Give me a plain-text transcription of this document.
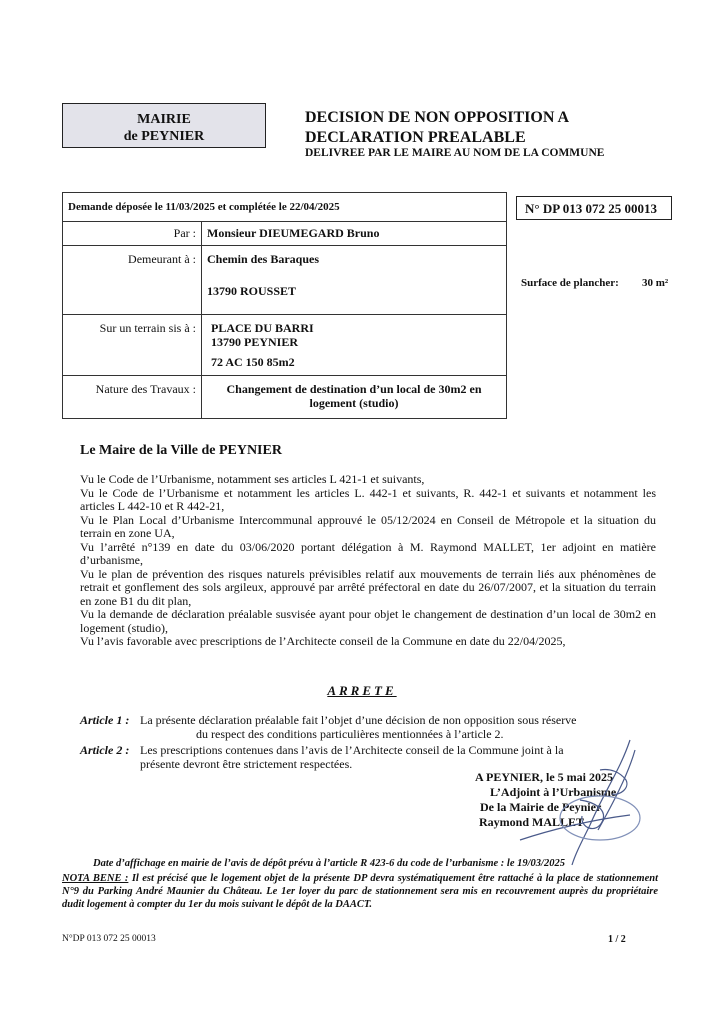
MAIRIE
de PEYNIER
DECISION DE NON OPPOSITION A
DECLARATION PREALABLE
DELIVREE PAR LE MAIRE AU NOM DE LA COMMUNE
Demande déposée le 11/03/2025 et complétée le 22/04/2025	
Par :	Monsieur DIEUMEGARD Bruno
Demeurant à :	Chemin des Baraques
13790 ROUSSET

Sur un terrain sis à :	PLACE DU BARRI
13790 PEYNIER
72 AC 150 85m2

Nature des Travaux :	Changement de destination d’un local de 30m2 en logement (studio)
N° DP 013 072 25 00013
Surface de plancher: 30 m²
Le Maire de la Ville de PEYNIER

Vu le Code de l’Urbanisme, notamment ses articles L 421-1 et suivants,

Vu le Code de l’Urbanisme et notamment les articles L. 442-1 et suivants, R. 442-1 et suivants et notamment les articles L 442-10 et R 442-21,

Vu le Plan Local d’Urbanisme Intercommunal approuvé le 05/12/2024 en Conseil de Métropole et la situation du terrain en zone UA,

Vu l’arrêté n°139 en date du 03/06/2020 portant délégation à M. Raymond MALLET, 1er adjoint en matière d’urbanisme,

Vu le plan de prévention des risques naturels prévisibles relatif aux mouvements de terrain liés aux phénomènes de retrait et gonflement des sols argileux, approuvé par arrêté préfectoral en date du 26/07/2007, et la situation du terrain en zone B1 du dit plan,

Vu la demande de déclaration préalable susvisée ayant pour objet le changement de destination d’un local de 30m2 en logement (studio),

Vu l’avis favorable avec prescriptions de l’Architecte conseil de la Commune en date du 22/04/2025,

ARRETE
Article 1 : La présente déclaration préalable fait l’objet d’une décision de non opposition sous réserve
du respect des conditions particulières mentionnées à l’article 2.
Article 2 : Les prescriptions contenues dans l’avis de l’Architecte conseil de la Commune joint à la
présente devront être strictement respectées.
A PEYNIER, le 5 mai 2025
L’Adjoint à l’Urbanisme
De la Mairie de Peynier
Raymond MALLET
Date d’affichage en mairie de l’avis de dépôt prévu à l’article R 423-6 du code de l’urbanisme : le 19/03/2025
NOTA BENE : Il est précisé que le logement objet de la présente DP devra systématiquement être rattaché à la place de stationnement N°9 du Parking André Maunier du Château. Le 1er loyer du parc de stationnement sera mis en recouvrement auprès du propriétaire dudit logement à compter du 1er du mois suivant le dépôt de la DAACT.
N°DP 013 072 25 00013	1 / 2
